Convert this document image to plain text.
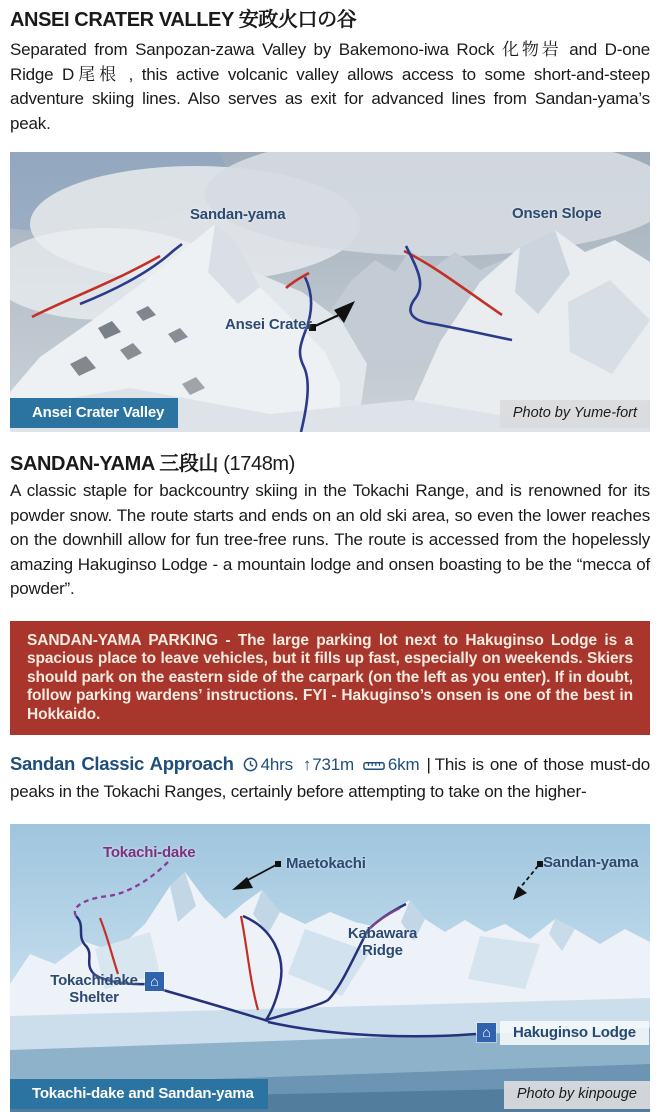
ANSEI CRATER VALLEY 安政火口の谷

Separated from Sanpozan-zawa Valley by Bakemono-iwa Rock 化物岩 and D-one Ridge D尾根 , this active volcanic valley allows access to some short-and-steep adventure skiing lines. Also serves as exit for advanced lines from Sandan-yama’s peak.

Sandan-yama	Onsen Slope
Ansei Crater
Ansei Crater Valley	Photo by Yume-fort
SANDAN-YAMA 三段山 (1748m)

A classic staple for backcountry skiing in the Tokachi Range, and is renowned for its powder snow. The route starts and ends on an old ski area, so even the lower reaches on the downhill allow for fun tree-free runs. The route is accessed from the hopelessly amazing Hakuginso Lodge - a mountain lodge and onsen boasting to be the “mecca of powder”.

SANDAN-YAMA PARKING - The large parking lot next to Hakuginso Lodge is a spacious place to leave vehicles, but it fills up fast, especially on weekends. Skiers should park on the eastern side of the carpark (on the left as you enter). If in doubt, follow parking wardens’ instructions. FYI - Hakuginso’s onsen is one of the best in Hokkaido.

Sandan Classic Approach 4hrs ↑731m 6km | This is one of those must-do peaks in the Tokachi Ranges, certainly before attempting to take on the higher-

Tokachi-dake
Maetokachi	Sandan-yama
Kabawara Ridge
Tokachidake Shelter
⌂
⌂	Hakuginso Lodge
Tokachi-dake and Sandan-yama	Photo by kinpouge
